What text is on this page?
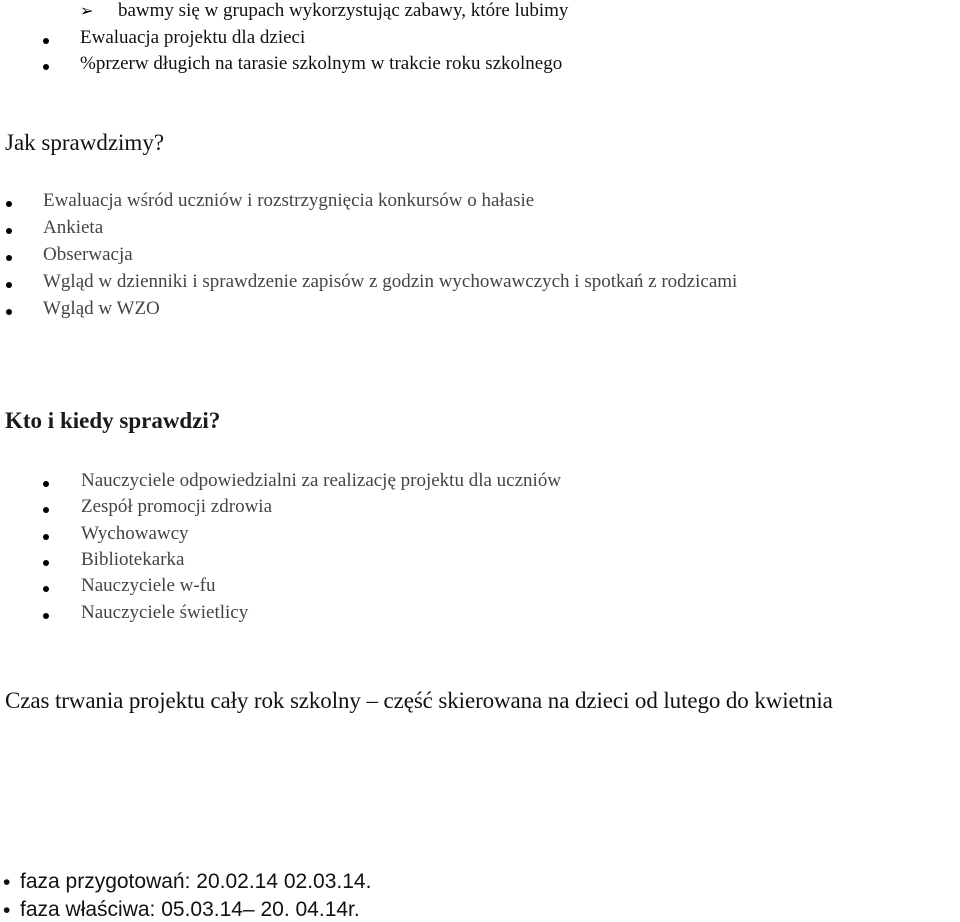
➢ bawmy się w grupach wykorzystując zabawy, które lubimy
Ewaluacja projektu dla dzieci
%przerw długich na tarasie szkolnym w trakcie roku szkolnego
Jak sprawdzimy?
Ewaluacja wśród uczniów i rozstrzygnięcia konkursów o hałasie
Ankieta
Obserwacja
Wgląd w dzienniki i sprawdzenie zapisów z godzin wychowawczych i spotkań z rodzicami
Wgląd w WZO
Kto i kiedy sprawdzi?
Nauczyciele odpowiedzialni za realizację projektu dla uczniów
Zespół promocji zdrowia
Wychowawcy
Bibliotekarka
Nauczyciele w-fu
Nauczyciele świetlicy
Czas trwania projektu cały rok szkolny – część skierowana na dzieci od lutego do kwietnia
• faza przygotowań: 20.02.14 02.03.14.
• faza właściwa: 05.03.14– 20. 04.14r.
